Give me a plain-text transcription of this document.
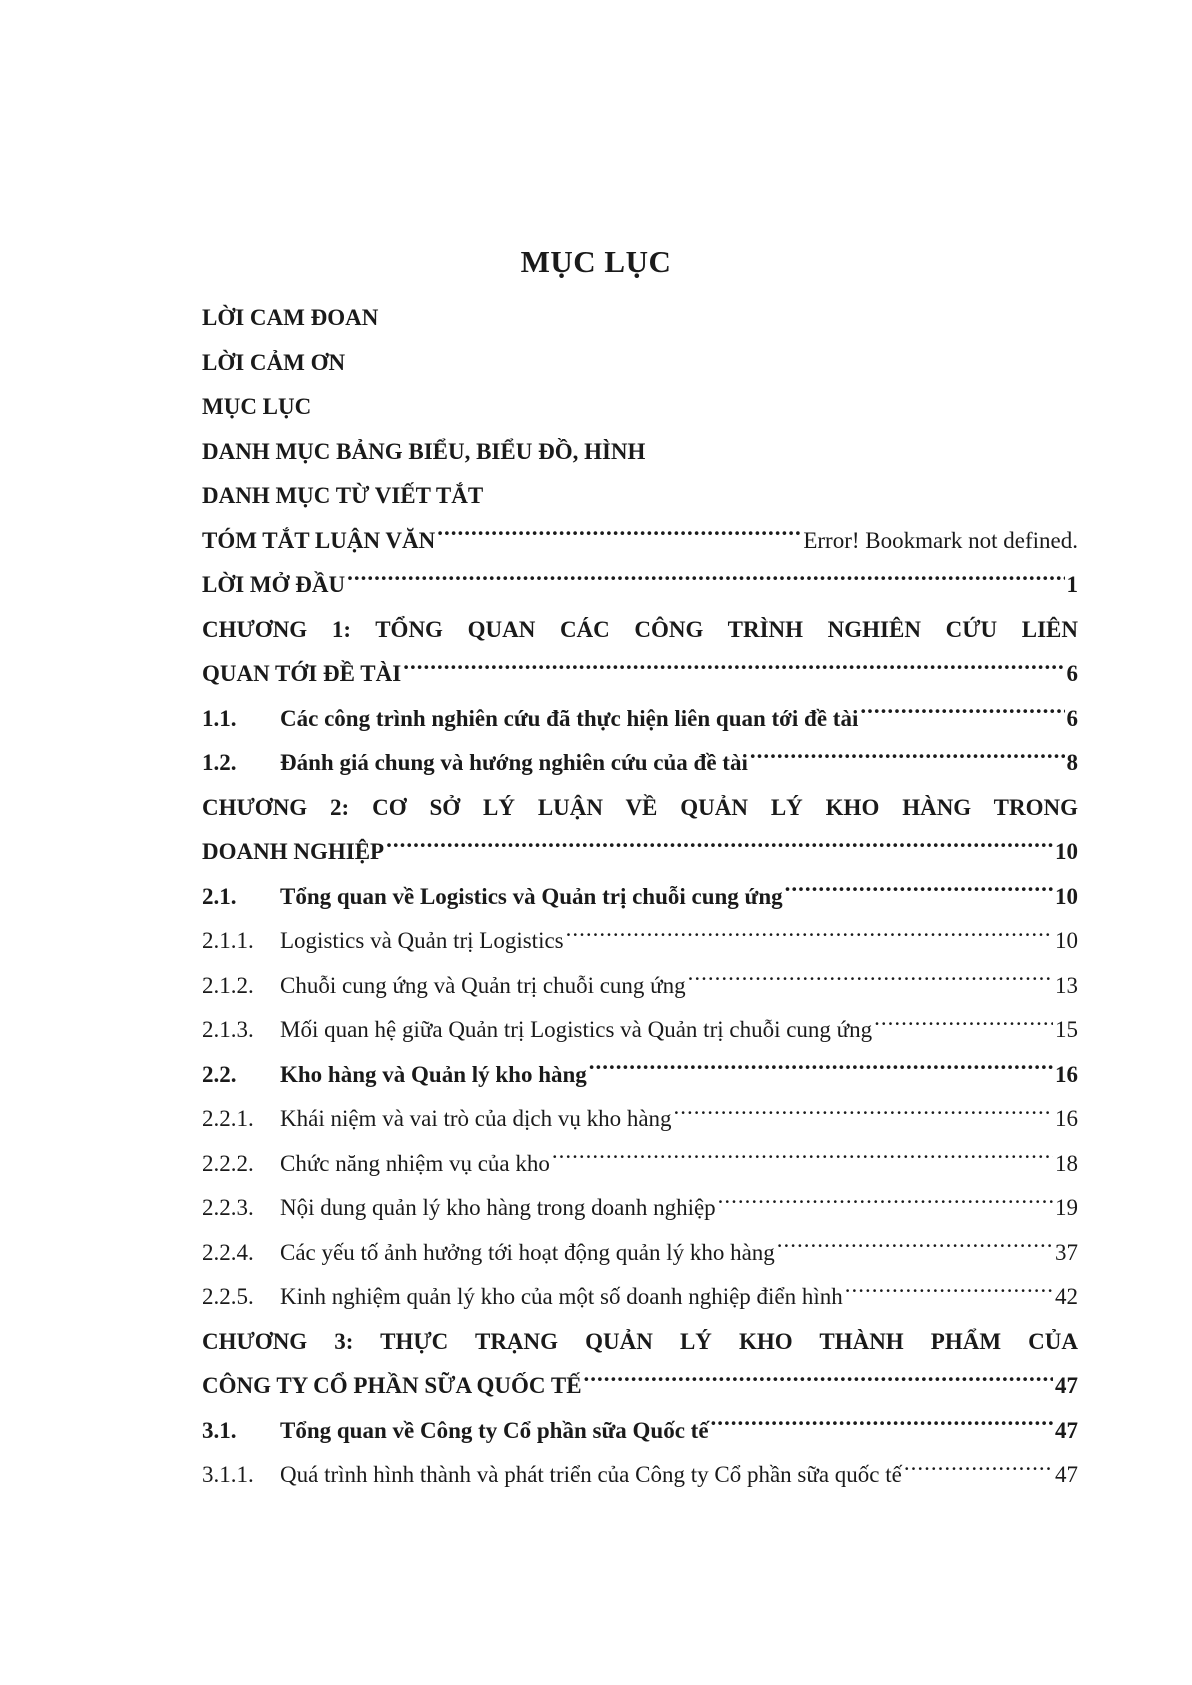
MỤC LỤC
LỜI CAM ĐOAN
LỜI CẢM ƠN
MỤC LỤC
DANH MỤC BẢNG BIỂU, BIỂU ĐỒ, HÌNH
DANH MỤC TỪ VIẾT TẮT
TÓM TẮT LUẬN VĂN .....	Error! Bookmark not defined.
LỜI MỞ ĐẦU .....	1
CHƯƠNG 1: TỔNG QUAN CÁC CÔNG TRÌNH NGHIÊN CỨU LIÊN
QUAN TỚI ĐỀ TÀI .....	6
1.1.	Các công trình nghiên cứu đã thực hiện liên quan tới đề tài .....	6
1.2.	Đánh giá chung và hướng nghiên cứu của đề tài .....	8
CHƯƠNG 2: CƠ SỞ LÝ LUẬN VỀ QUẢN LÝ KHO HÀNG TRONG
DOANH NGHIỆP .....	10
2.1.	Tổng quan về Logistics và Quản trị chuỗi cung ứng .....	10
2.1.1.	Logistics và Quản trị Logistics .....	10
2.1.2.	Chuỗi cung ứng và Quản trị chuỗi cung ứng .....	13
2.1.3.	Mối quan hệ giữa Quản trị Logistics và Quản trị chuỗi cung ứng .....	15
2.2.	Kho hàng và Quản lý kho hàng .....	16
2.2.1.	Khái niệm và vai trò của dịch vụ kho hàng .....	16
2.2.2.	Chức năng nhiệm vụ của kho .....	18
2.2.3.	Nội dung quản lý kho hàng trong doanh nghiệp .....	19
2.2.4.	Các yếu tố ảnh hưởng tới hoạt động quản lý kho hàng .....	37
2.2.5.	Kinh nghiệm quản lý kho của một số doanh nghiệp điển hình .....	42
CHƯƠNG 3: THỰC TRẠNG QUẢN LÝ KHO THÀNH PHẨM CỦA
CÔNG TY CỔ PHẦN SỮA QUỐC TẾ .....	47
3.1.	Tổng quan về Công ty Cổ phần sữa Quốc tế .....	47
3.1.1.	Quá trình hình thành và phát triển của Công ty Cổ phần sữa quốc tế .....	47
